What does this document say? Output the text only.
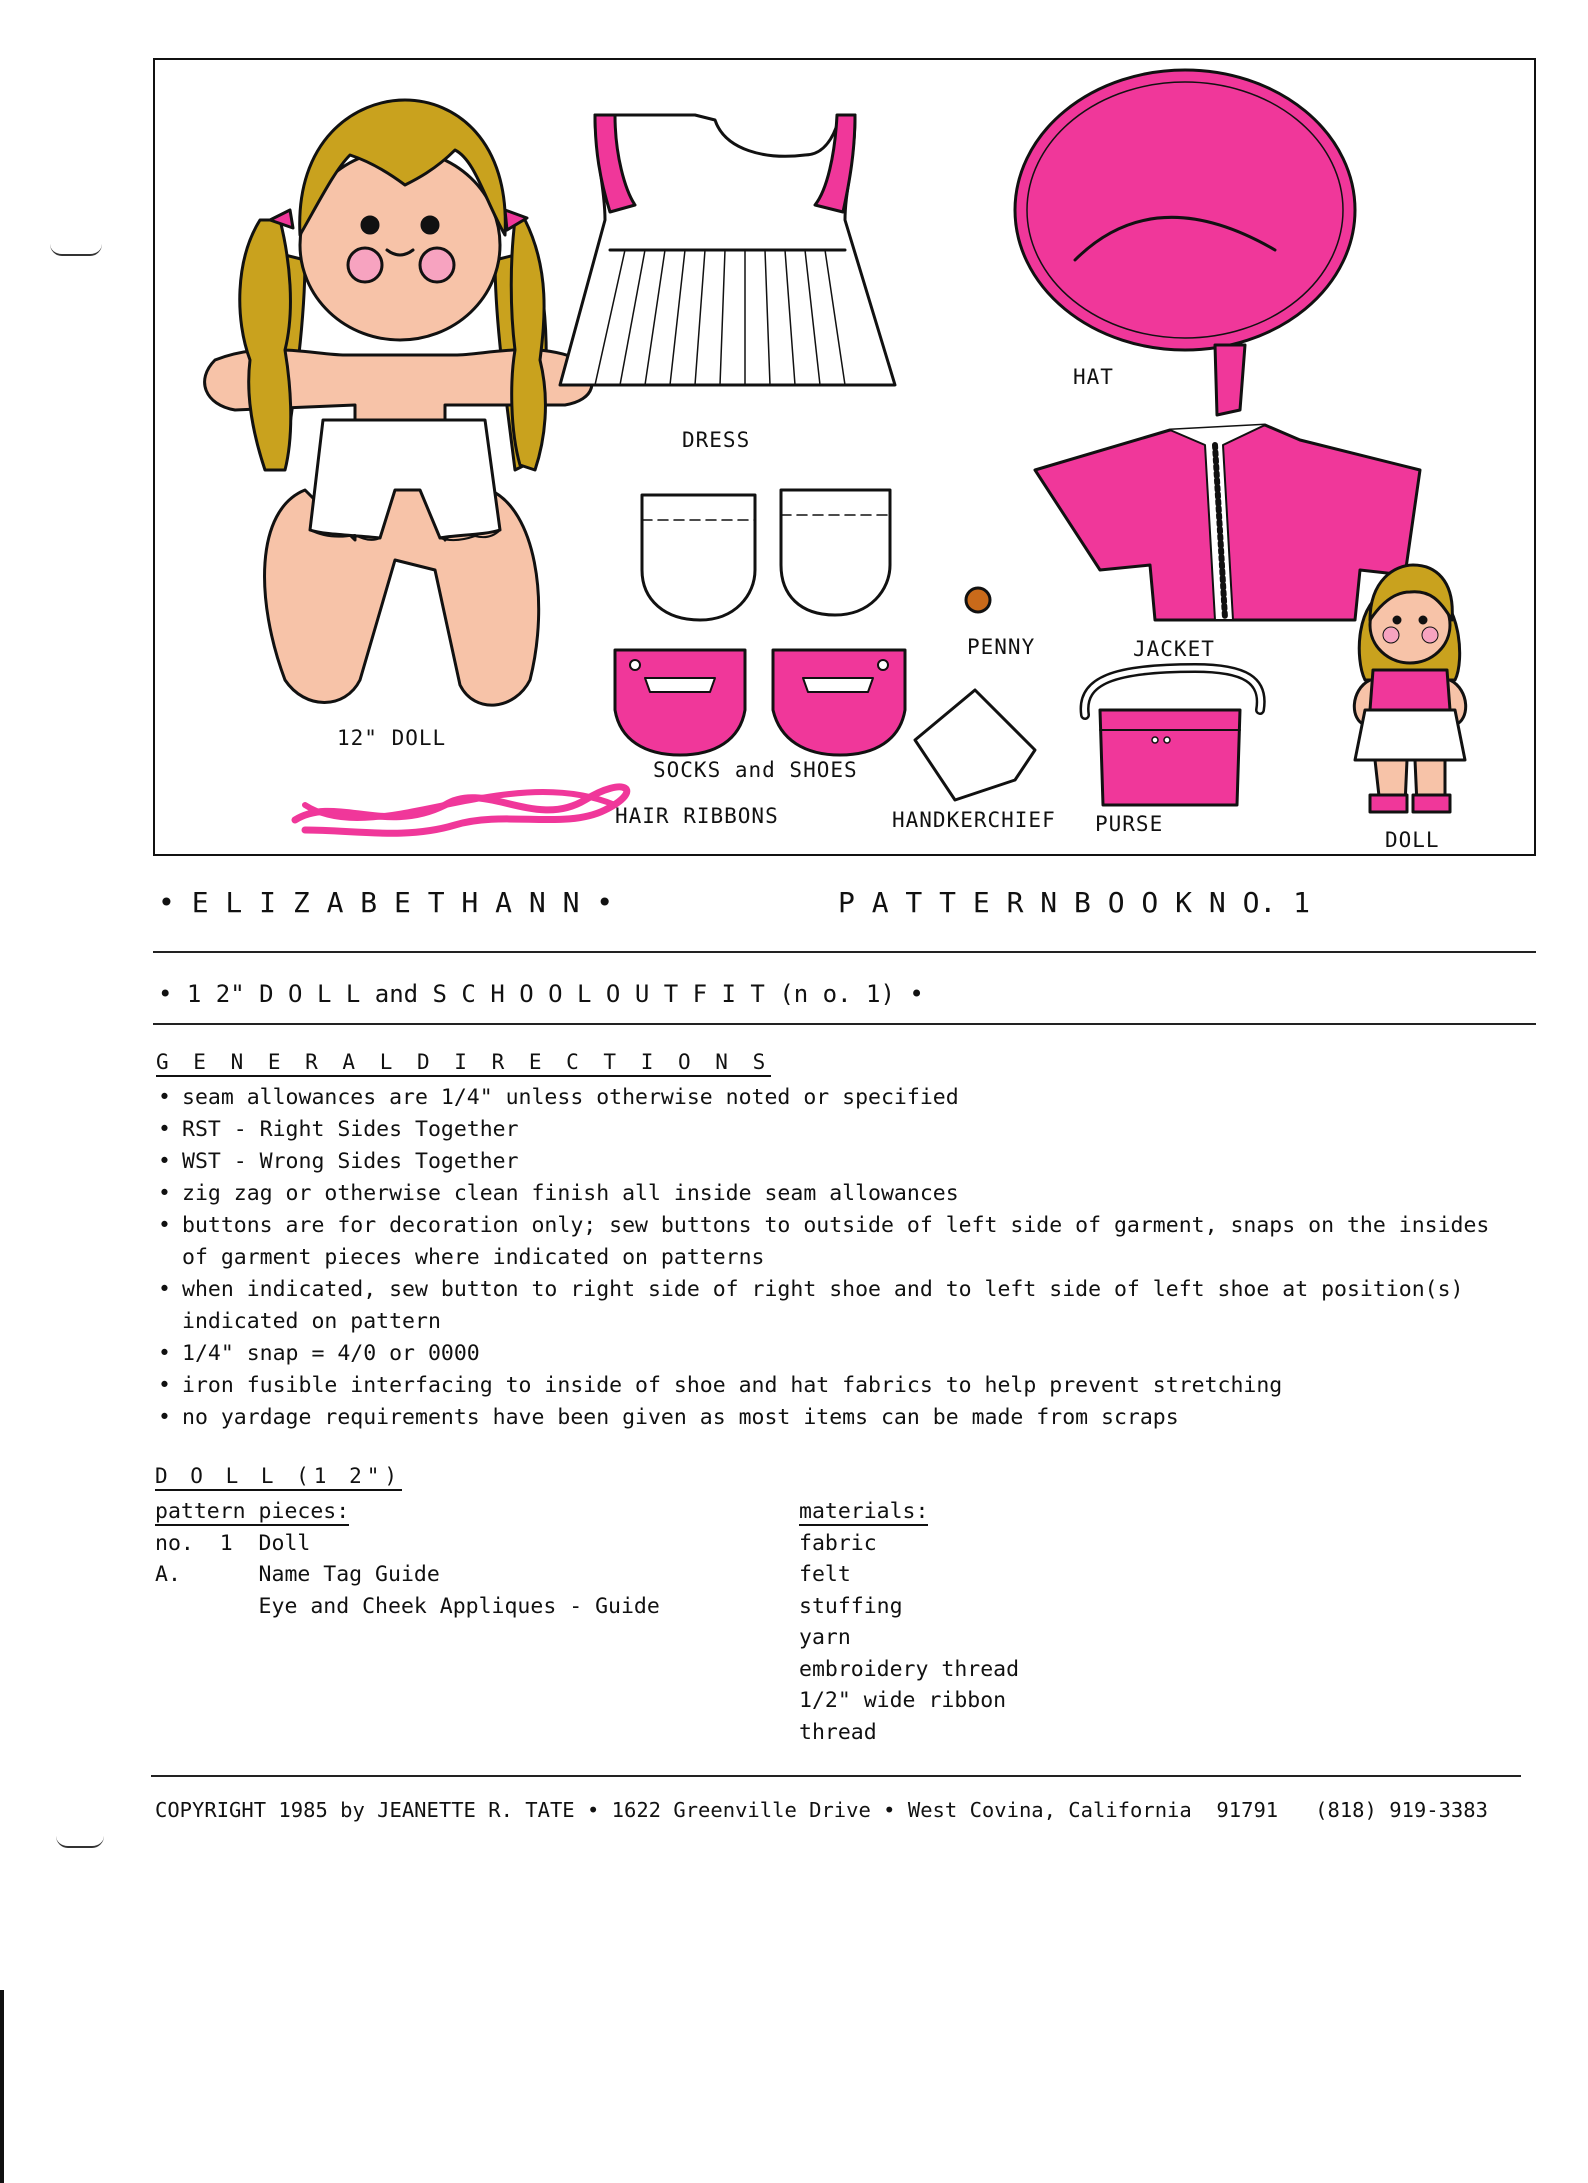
12" DOLL
DRESS
HAT
JACKET
PENNY
SOCKS and SHOES
HAIR RIBBONS	HANDKERCHIEF PURSE
DOLL
• E L I Z A B E T H A N N •	P A T T E R N B O O K N O. 1
• 1 2" D O L L and S C H O O L O U T F I T (n o. 1) •
G E N E R A L D I R E C T I O N S
• seam allowances are 1/4" unless otherwise noted or specified
• RST - Right Sides Together
• WST - Wrong Sides Together
• zig zag or otherwise clean finish all inside seam allowances
• buttons are for decoration only; sew buttons to outside of left side of garment, snaps on the insides of garment pieces where indicated on patterns
• when indicated, sew button to right side of right shoe and to left side of left shoe at position(s) indicated on pattern
• 1/4" snap = 4/0 or 0000
• iron fusible interfacing to inside of shoe and hat fabrics to help prevent stretching
• no yardage requirements have been given as most items can be made from scraps
D O L L (1 2")
pattern pieces:
no.  1  Doll
A.      Name Tag Guide
Eye and Cheek Appliques - Guide
materials:
fabric
felt
stuffing
yarn
embroidery thread
1/2" wide ribbon
thread
COPYRIGHT 1985 by JEANETTE R. TATE • 1622 Greenville Drive • West Covina, California  91791   (818) 919-3383
